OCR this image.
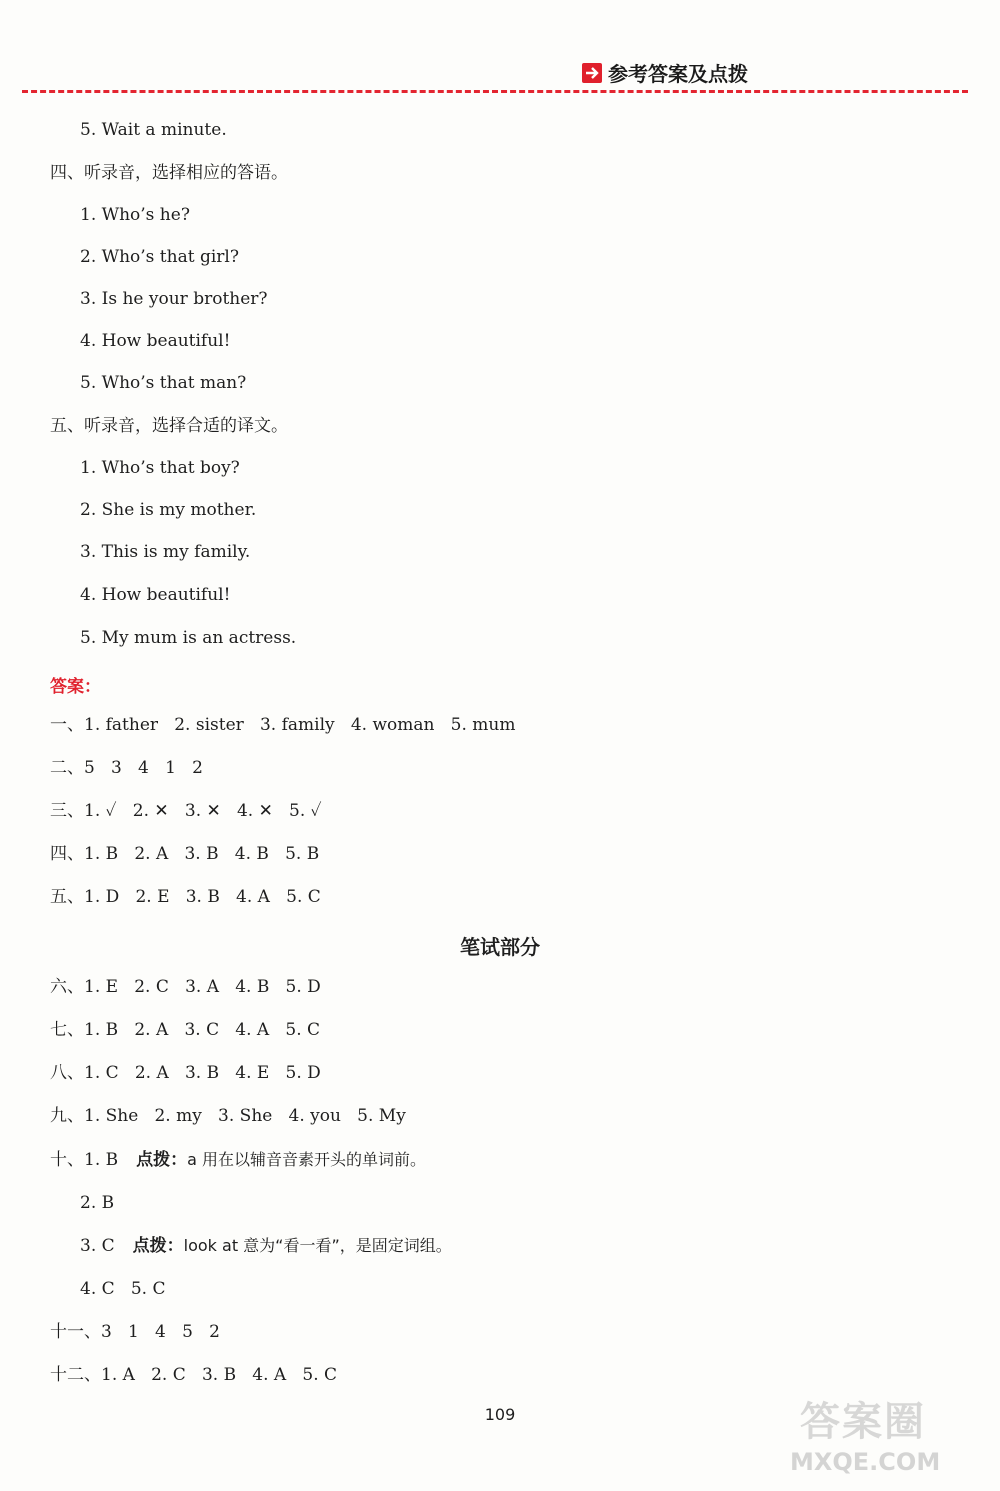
参考答案及点拨
5. Wait a minute.
四、听录音，选择相应的答语。
1. Who’s he?
2. Who’s that girl?
3. Is he your brother?
4. How beautiful!
5. Who’s that man?
五、听录音，选择合适的译文。
1. Who’s that boy?
2. She is my mother.
3. This is my family.
4. How beautiful!
5. My mum is an actress.
答案：
一、1. father   2. sister   3. family   4. woman   5. mum
二、5   3   4   1   2
三、1. ✓   2. ✕   3. ✕   4. ✕   5. ✓
四、1. B   2. A   3. B   4. B   5. B
五、1. D   2. E   3. B   4. A   5. C
笔试部分
六、1. E   2. C   3. A   4. B   5. D
七、1. B   2. A   3. C   4. A   5. C
八、1. C   2. A   3. B   4. E   5. D
九、1. She   2. my   3. She   4. you   5. My
十、1. B 点拨：a 用在以辅音音素开头的单词前。
2. B
3. C 点拨：look at 意为“看一看”，是固定词组。
4. C   5. C
十一、3   1   4   5   2
十二、1. A   2. C   3. B   4. A   5. C
109	答案圈
MXQE.COM
